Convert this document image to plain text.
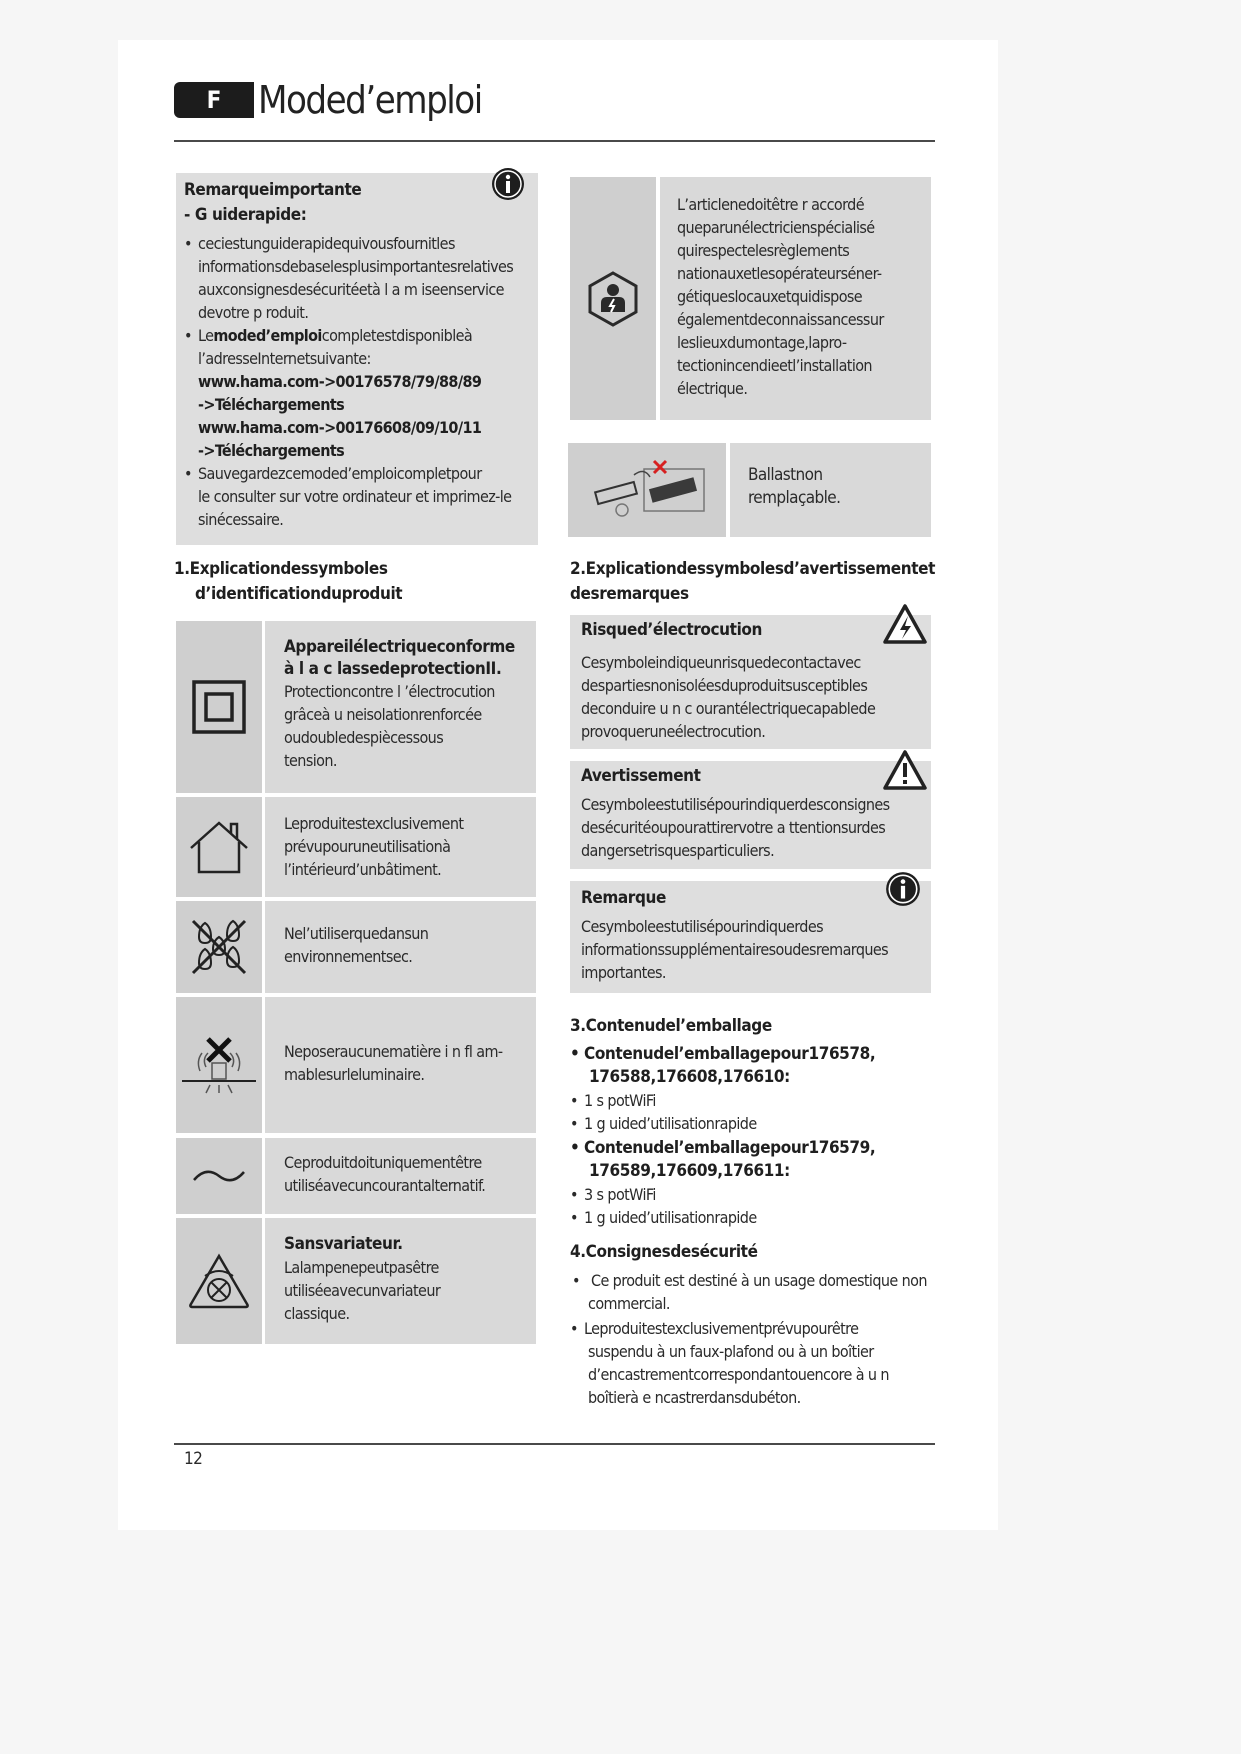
F Moded’emploi
Remarqueimportante
- G uiderapide:
• ceciestunguiderapidequivousfournitles
informationsdebaselesplusimportantesrelatives
auxconsignesdesécuritéetà l a m iseenservice
devotre p roduit.
• Lemoded’emploicompletestdisponibleà
l’adresseInternetsuivante:
www.hama.com->00176578/79/88/89
->Téléchargements
www.hama.com->00176608/09/10/11
->Téléchargements
• Sauvegardezcemoded’emploicompletpour
le consulter sur votre ordinateur et imprimez-le
sinécessaire.
L’articlenedoitêtre r accordé
queparunélectricienspécialisé
quirespectelesrèglements
nationauxetlesopérateurséner-
gétiqueslocauxetquidispose
égalementdeconnaissancessur
leslieuxdumontage,lapro-
tectionincendieetl’installation
électrique.
Ballastnon
remplaçable.
1.Explicationdessymboles
d’identificationduproduit
Appareilélectriqueconforme
à l a c lassedeprotectionII.
Protectioncontre l ’électrocution
grâceà u neisolationrenforcée
oudoubledespiècessous
tension.
Leproduitestexclusivement
prévupouruneutilisationà
l’intérieurd’unbâtiment.
Nel’utiliserquedansun
environnementsec.
Neposeraucunematière i n fl am-
mablesurleluminaire.
Ceproduitdoituniquementêtre
utiliséavecuncourantalternatif.
Sansvariateur.
Lalampenepeutpasêtre
utiliséeavecunvariateur
classique.
2.Explicationdessymbolesd’avertissementet
desremarques
Risqued’électrocution
Cesymboleindiqueunrisquedecontactavec
despartiesnonisoléesduproduitsusceptibles
deconduire u n c ourantélectriquecapablede
provoqueruneélectrocution.
Avertissement
Cesymboleestutilisépourindiquerdesconsignes
desécuritéoupourattirervotre a ttentionsurdes
dangersetrisquesparticuliers.
Remarque
Cesymboleestutilisépourindiquerdes
informationssupplémentairesoudesremarques
importantes.
3.Contenudel’emballage
• Contenudel’emballagepour176578,
176588,176608,176610:
• 1 s potWiFi
• 1 g uided’utilisationrapide
• Contenudel’emballagepour176579,
176589,176609,176611:
• 3 s potWiFi
• 1 g uided’utilisationrapide
4.Consignesdesécurité
• Ce produit est destiné à un usage domestique non
commercial.
• Leproduitestexclusivementprévupourêtre
suspendu à un faux-plafond ou à un boîtier
d’encastrementcorrespondantouencore à u n
boîtierà e ncastrerdansdubéton.
12
